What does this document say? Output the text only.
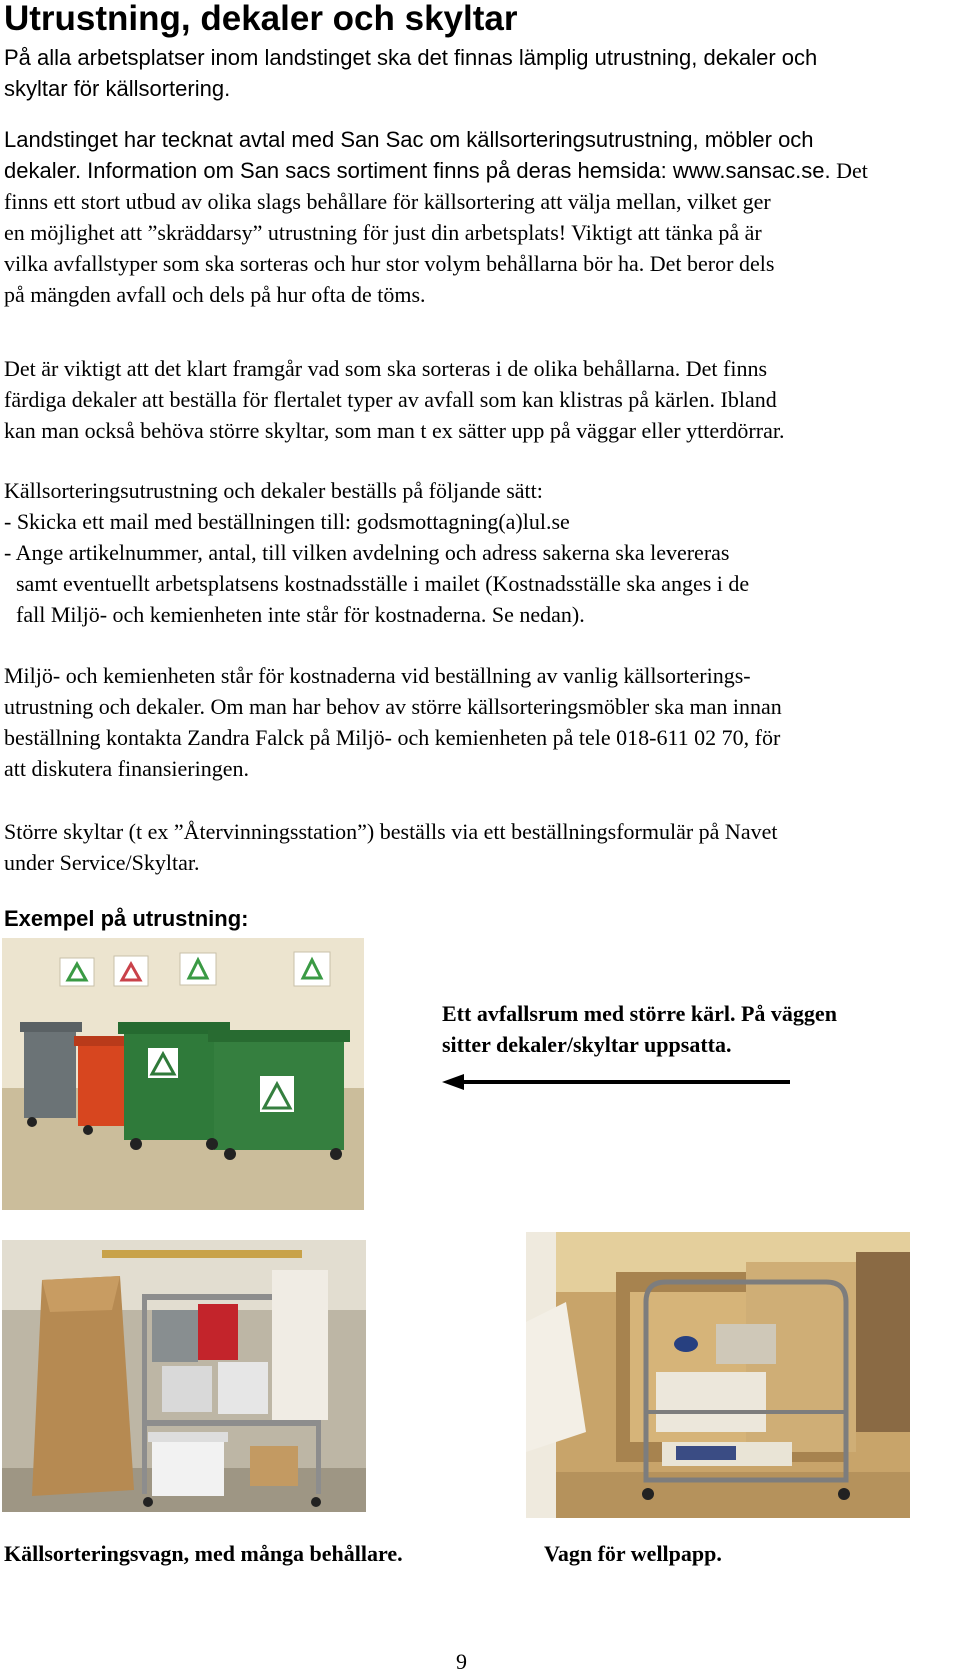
Utrustning, dekaler och skyltar

På alla arbetsplatser inom landstinget ska det finnas lämplig utrustning, dekaler och
skyltar för källsortering.

Landstinget har tecknat avtal med San Sac om källsorteringsutrustning, möbler och
dekaler. Information om San sacs sortiment finns på deras hemsida: www.sansac.se. Det
finns ett stort utbud av olika slags behållare för källsortering att välja mellan, vilket ger
en möjlighet att ”skräddarsy” utrustning för just din arbetsplats! Viktigt att tänka på är
vilka avfallstyper som ska sorteras och hur stor volym behållarna bör ha. Det beror dels
på mängden avfall och dels på hur ofta de töms.

Det är viktigt att det klart framgår vad som ska sorteras i de olika behållarna. Det finns
färdiga dekaler att beställa för flertalet typer av avfall som kan klistras på kärlen. Ibland
kan man också behöva större skyltar, som man t ex sätter upp på väggar eller ytterdörrar.

Källsorteringsutrustning och dekaler beställs på följande sätt:
- Skicka ett mail med beställningen till: godsmottagning(a)lul.se
- Ange artikelnummer, antal, till vilken avdelning och adress sakerna ska levereras
samt eventuellt arbetsplatsens kostnadsställe i mailet (Kostnadsställe ska anges i de
fall Miljö- och kemienheten inte står för kostnaderna. Se nedan).

Miljö- och kemienheten står för kostnaderna vid beställning av vanlig källsorterings-
utrustning och dekaler. Om man har behov av större källsorteringsmöbler ska man innan
beställning kontakta Zandra Falck på Miljö- och kemienheten på tele 018-611 02 70, för
att diskutera finansieringen.

Större skyltar (t ex ”Återvinningsstation”) beställs via ett beställningsformulär på Navet
under Service/Skyltar.

Exempel på utrustning:

Ett avfallsrum med större kärl. På väggen
sitter dekaler/skyltar uppsatta.

Källsorteringsvagn, med många behållare.	Vagn för wellpapp.

9
